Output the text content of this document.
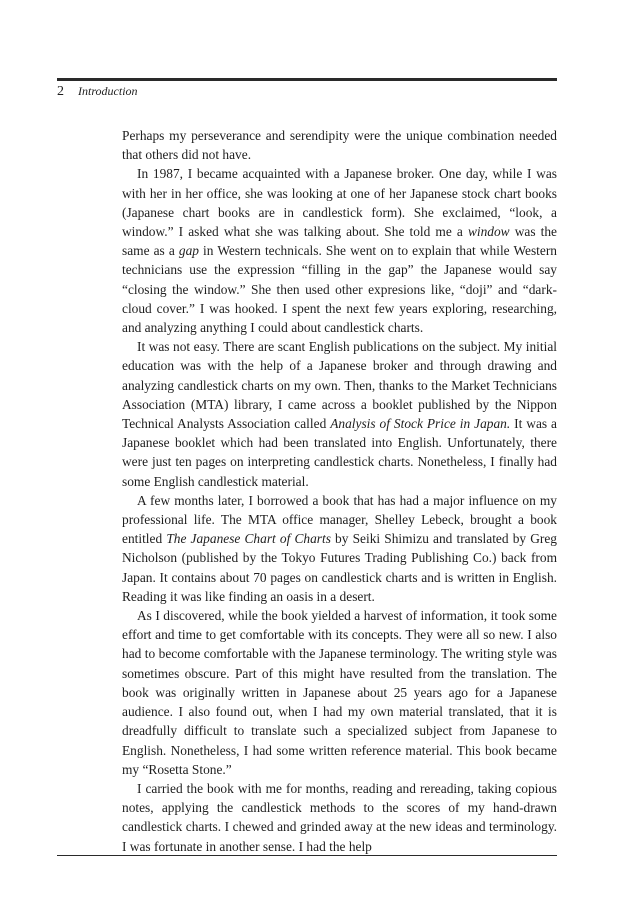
2 Introduction

Perhaps my perseverance and serendipity were the unique combination needed that others did not have.

In 1987, I became acquainted with a Japanese broker. One day, while I was with her in her office, she was looking at one of her Japanese stock chart books (Japanese chart books are in candlestick form). She exclaimed, “look, a window.” I asked what she was talking about. She told me a window was the same as a gap in Western technicals. She went on to explain that while Western technicians use the expression “filling in the gap” the Japanese would say “closing the window.” She then used other expresions like, “doji” and “dark-cloud cover.” I was hooked. I spent the next few years exploring, researching, and analyzing anything I could about candlestick charts.

It was not easy. There are scant English publications on the subject. My initial education was with the help of a Japanese broker and through drawing and analyzing candlestick charts on my own. Then, thanks to the Market Technicians Association (MTA) library, I came across a booklet published by the Nippon Technical Analysts Association called Analysis of Stock Price in Japan. It was a Japanese booklet which had been translated into English. Unfortunately, there were just ten pages on interpreting candlestick charts. Nonetheless, I finally had some English candlestick material.

A few months later, I borrowed a book that has had a major influence on my professional life. The MTA office manager, Shelley Lebeck, brought a book entitled The Japanese Chart of Charts by Seiki Shimizu and translated by Greg Nicholson (published by the Tokyo Futures Trading Publishing Co.) back from Japan. It contains about 70 pages on candlestick charts and is written in English. Reading it was like finding an oasis in a desert.

As I discovered, while the book yielded a harvest of information, it took some effort and time to get comfortable with its concepts. They were all so new. I also had to become comfortable with the Japanese terminology. The writing style was sometimes obscure. Part of this might have resulted from the translation. The book was originally written in Japanese about 25 years ago for a Japanese audience. I also found out, when I had my own material translated, that it is dreadfully difficult to translate such a specialized subject from Japanese to English. Nonetheless, I had some written reference material. This book became my “Rosetta Stone.”

I carried the book with me for months, reading and rereading, taking copious notes, applying the candlestick methods to the scores of my hand-drawn candlestick charts. I chewed and grinded away at the new ideas and terminology. I was fortunate in another sense. I had the help
